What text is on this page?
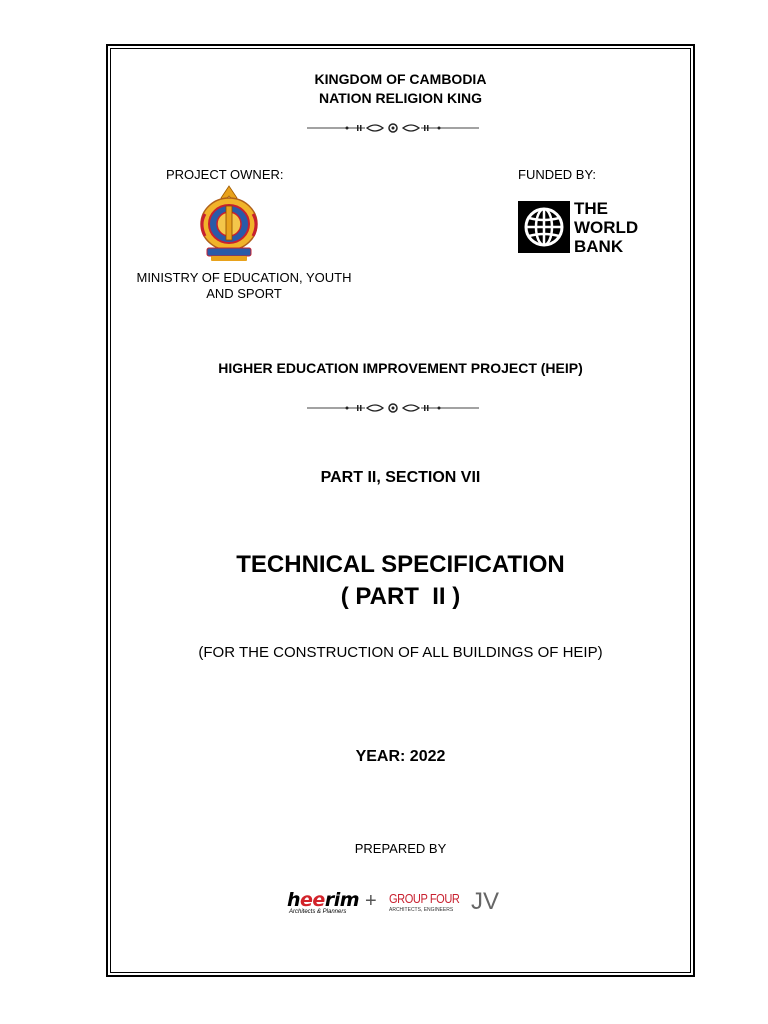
KINGDOM OF CAMBODIA
NATION RELIGION KING
PROJECT OWNER:	FUNDED BY:
MINISTRY OF EDUCATION, YOUTH
AND SPORT
THE
WORLD
BANK
HIGHER EDUCATION IMPROVEMENT PROJECT (HEIP)
PART II, SECTION VII
TECHNICAL SPECIFICATION
( PART  II )
(FOR THE CONSTRUCTION OF ALL BUILDINGS OF HEIP)
YEAR: 2022
PREPARED BY
heerim
Architects & Planners + GROUP FOUR
ARCHITECTS, ENGINEERS JV
